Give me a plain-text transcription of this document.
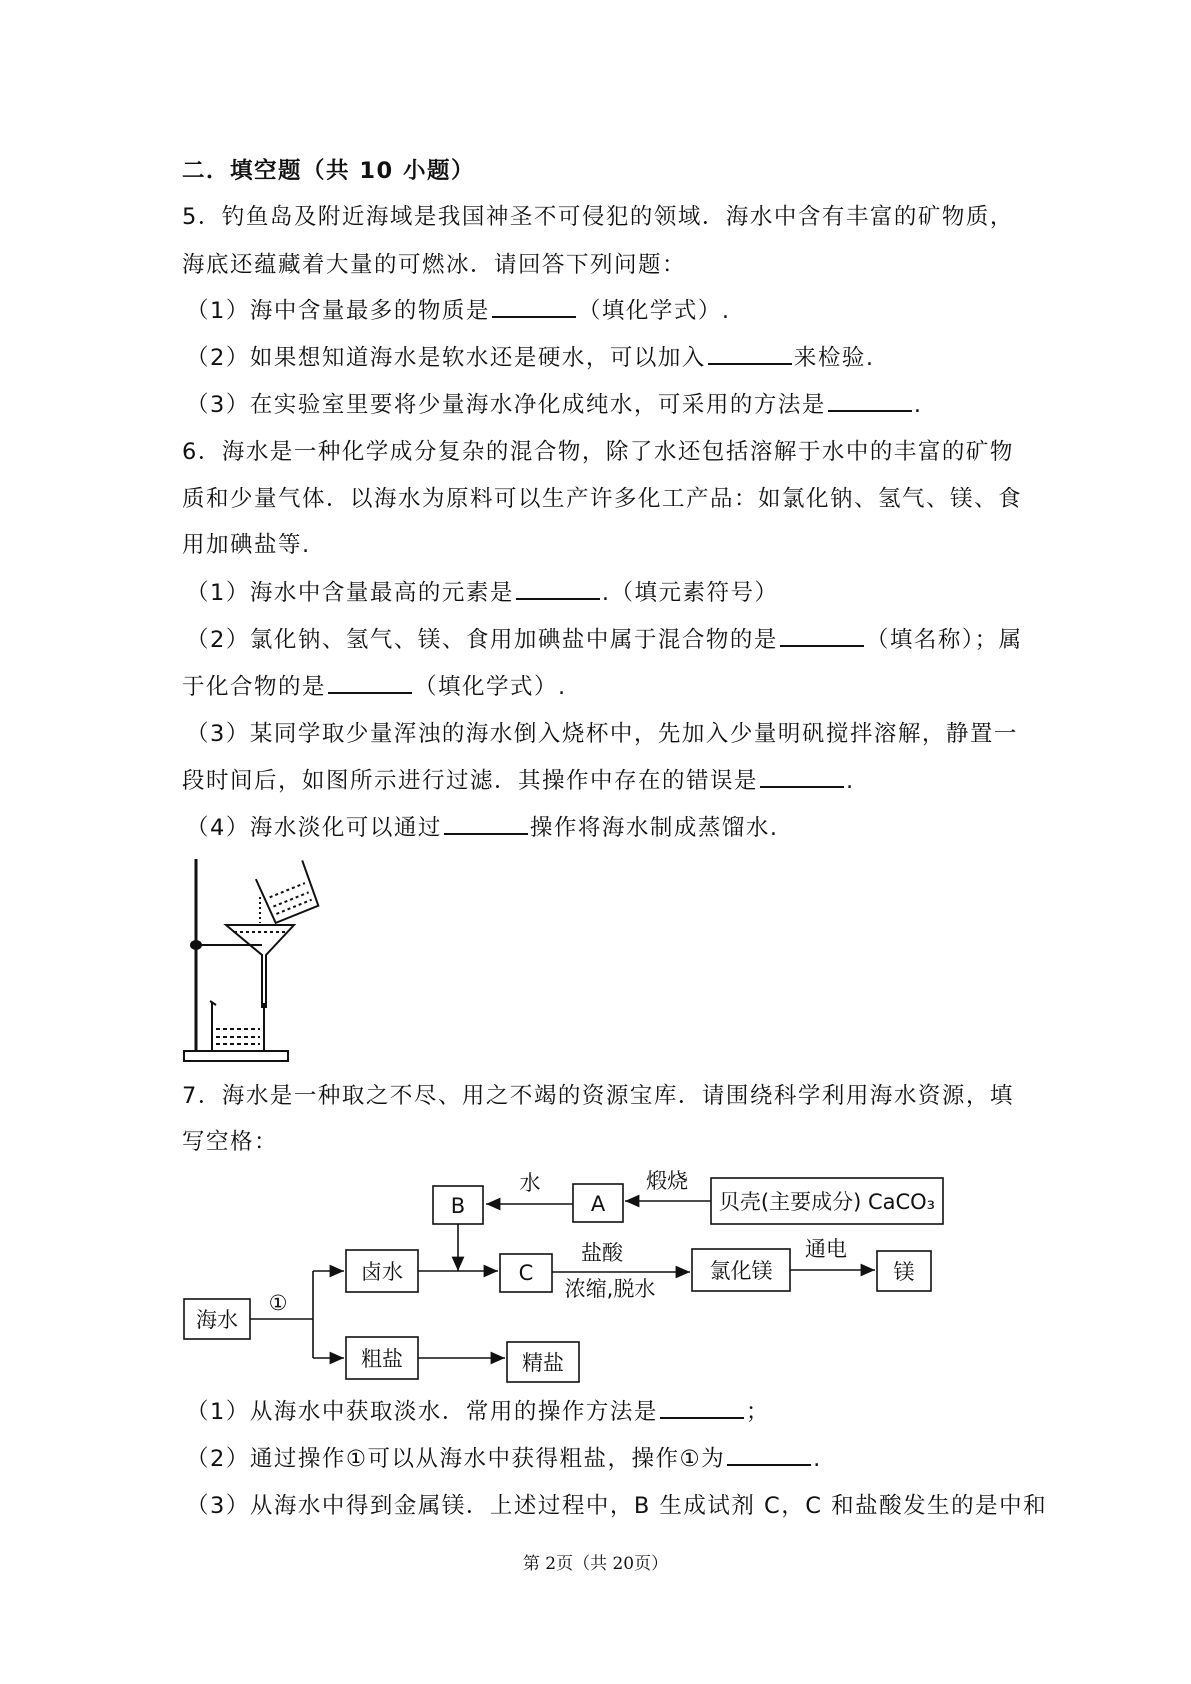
二．填空题（共 10 小题）
5．钓鱼岛及附近海域是我国神圣不可侵犯的领域．海水中含有丰富的矿物质，
海底还蕴藏着大量的可燃冰．请回答下列问题：
（1）海中含量最多的物质是	（填化学式）.
（2）如果想知道海水是软水还是硬水，可以加入	来检验.
（3）在实验室里要将少量海水净化成纯水，可采用的方法是	.
6．海水是一种化学成分复杂的混合物，除了水还包括溶解于水中的丰富的矿物
质和少量气体．以海水为原料可以生产许多化工产品：如氯化钠、氢气、镁、食
用加碘盐等.
（1）海水中含量最高的元素是	.（填元素符号）
（2）氯化钠、氢气、镁、食用加碘盐中属于混合物的是	（填名称）；属
于化合物的是	（填化学式）.
（3）某同学取少量浑浊的海水倒入烧杯中，先加入少量明矾搅拌溶解，静置一
段时间后，如图所示进行过滤．其操作中存在的错误是	.
（4）海水淡化可以通过	操作将海水制成蒸馏水.
7．海水是一种取之不尽、用之不竭的资源宝库．请围绕科学利用海水资源，填
写空格：
海水
①
卤水
粗盐	精盐
B	A	贝壳(主要成分) CaCO₃
水	煅烧
C
盐酸
浓缩,脱水
氯化镁
通电
镁
（1）从海水中获取淡水．常用的操作方法是	；
（2）通过操作①可以从海水中获得粗盐，操作①为	.
（3）从海水中得到金属镁．上述过程中，B 生成试剂 C，C 和盐酸发生的是中和
第 2页（共 20页）
